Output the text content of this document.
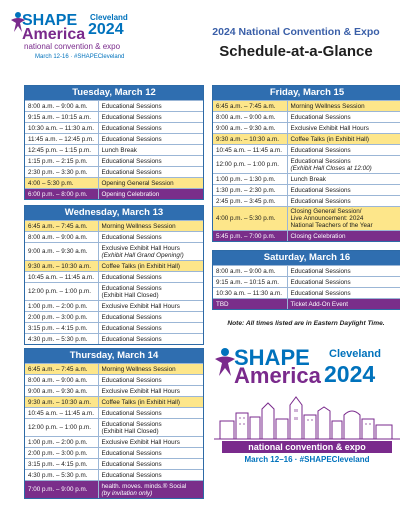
SHAPE
America
Cleveland
2024
national convention & expo
March 12-16 · #SHAPECleveland
2024 National Convention & Expo
Schedule-at-a-Glance
Tuesday, March 12
8:00 a.m. – 9:00 a.m.	Educational Sessions
9:15 a.m. – 10:15 a.m.	Educational Sessions
10:30 a.m. – 11:30 a.m.	Educational Sessions
11:45 a.m. – 12:45 p.m.	Educational Sessions
12:45 p.m. – 1:15 p.m.	Lunch Break
1:15 p.m. – 2:15 p.m.	Educational Sessions
2:30 p.m. – 3:30 p.m.	Educational Sessions
4:00 – 5:30 p.m.	Opening General Session
6:00 p.m. – 8:00 p.m.	Opening Celebration
Wednesday, March 13
6:45 a.m. – 7:45 a.m.	Morning Wellness Session
8:00 a.m. – 9:00 a.m.	Educational Sessions
9:00 a.m. – 9:30 a.m.	Exclusive Exhibit Hall Hours
(Exhibit Hall Grand Opening!)
9:30 a.m. – 10:30 a.m.	Coffee Talks (in Exhibit Hall)
10:45 a.m. – 11:45 a.m.	Educational Sessions
12:00 p.m. – 1:00 p.m.	Educational Sessions
(Exhibit Hall Closed)
1:00 p.m. – 2:00 p.m.	Exclusive Exhibit Hall Hours
2:00 p.m. – 3:00 p.m.	Educational Sessions
3:15 p.m. – 4:15 p.m.	Educational Sessions
4:30 p.m. – 5:30 p.m.	Educational Sessions
Thursday, March 14
6:45 a.m. – 7:45 a.m.	Morning Wellness Session
8:00 a.m. – 9:00 a.m.	Educational Sessions
9:00 a.m. – 9:30 a.m.	Exclusive Exhibit Hall Hours
9:30 a.m. – 10:30 a.m.	Coffee Talks (in Exhibit Hall)
10:45 a.m. – 11:45 a.m.	Educational Sessions
12:00 p.m. – 1:00 p.m.	Educational Sessions
(Exhibit Hall Closed)
1:00 p.m. – 2:00 p.m.	Exclusive Exhibit Hall Hours
2:00 p.m. – 3:00 p.m.	Educational Sessions
3:15 p.m. – 4:15 p.m.	Educational Sessions
4:30 p.m. – 5:30 p.m.	Educational Sessions
7:00 p.m. – 9:00 p.m.	health. moves. minds.® Social
(by invitation only)
Friday, March 15
6:45 a.m. – 7:45 a.m.	Morning Wellness Session
8:00 a.m. – 9:00 a.m.	Educational Sessions
9:00 a.m. – 9:30 a.m.	Exclusive Exhibit Hall Hours
9:30 a.m. – 10:30 a.m.	Coffee Talks (in Exhibit Hall)
10:45 a.m. – 11:45 a.m.	Educational Sessions
12:00 p.m. – 1:00 p.m.	Educational Sessions
(Exhibit Hall Closes at 12:00)
1:00 p.m. – 1:30 p.m.	Lunch Break
1:30 p.m. – 2:30 p.m.	Educational Sessions
2:45 p.m. – 3:45 p.m.	Educational Sessions
4:00 p.m. – 5:30 p.m.	Closing General Session/
Live Announcement: 2024
National Teachers of the Year
5:45 p.m. – 7:00 p.m.	Closing Celebration
Saturday, March 16
8:00 a.m. – 9:00 a.m.	Educational Sessions
9:15 a.m. – 10:15 a.m.	Educational Sessions
10:30 a.m. – 11:30 a.m.	Educational Sessions
TBD	Ticket Add-On Event
Note: All times listed are in Eastern Daylight Time.
SHAPE
America
Cleveland
2024
national convention & expo
March 12–16 · #SHAPECleveland
